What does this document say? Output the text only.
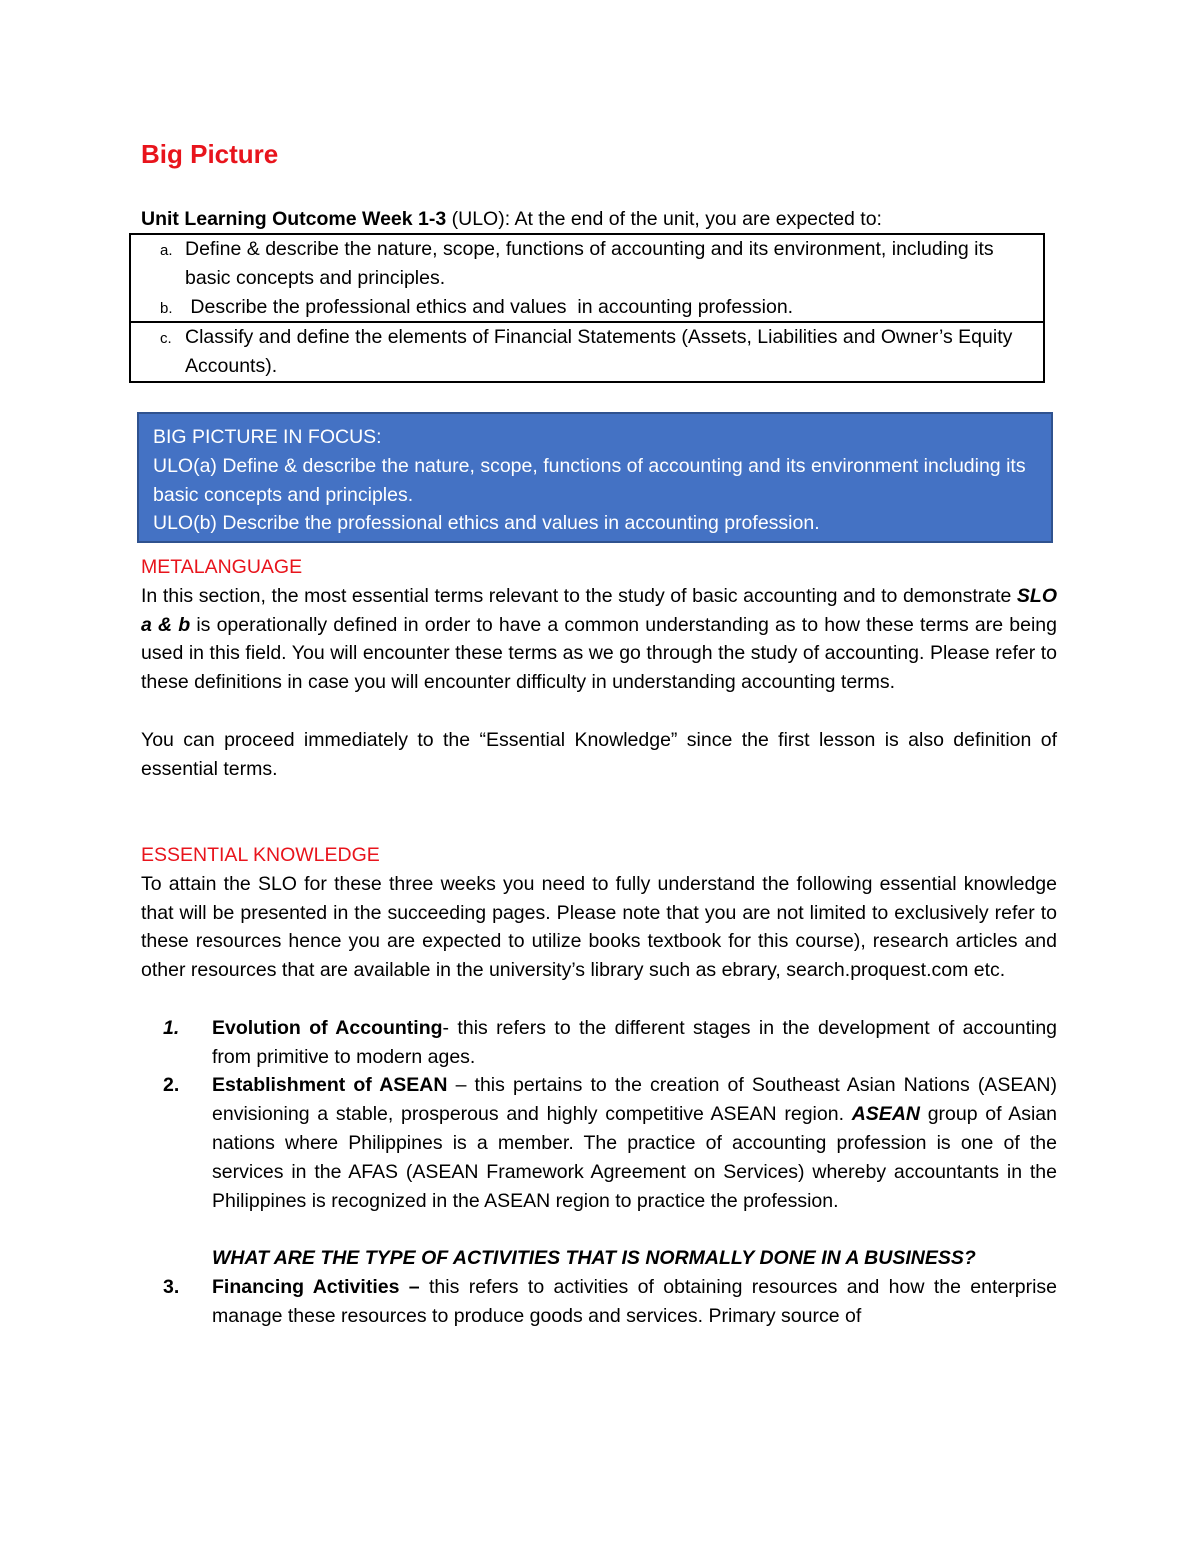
Big Picture
Unit Learning Outcome Week 1-3 (ULO): At the end of the unit, you are expected to:
a. Define & describe the nature, scope, functions of accounting and its environment, including its basic concepts and principles.
b. Describe the professional ethics and values  in accounting profession.
c. Classify and define the elements of Financial Statements (Assets, Liabilities and Owner’s Equity Accounts).
BIG PICTURE IN FOCUS:
ULO(a) Define & describe the nature, scope, functions of accounting and its environment including its basic concepts and principles.
ULO(b) Describe the professional ethics and values in accounting profession.
METALANGUAGE

In this section, the most essential terms relevant to the study of basic accounting and to demonstrate SLO a & b is operationally defined in order to have a common understanding as to how these terms are being used in this field. You will encounter these terms as we go through the study of accounting. Please refer to these definitions in case you will encounter difficulty in understanding accounting terms.

You can proceed immediately to the “Essential Knowledge” since the first lesson is also definition of essential terms.

ESSENTIAL KNOWLEDGE

To attain the SLO for these three weeks you need to fully understand the following essential knowledge that will be presented in the succeeding pages. Please note that you are not limited to exclusively refer to these resources hence you are expected to utilize books textbook for this course), research articles and other resources that are available in the university’s library such as ebrary, search.proquest.com etc.

1. Evolution of Accounting- this refers to the different stages in the development of accounting from primitive to modern ages.
2. Establishment of ASEAN – this pertains to the creation of Southeast Asian Nations (ASEAN) envisioning a stable, prosperous and highly competitive ASEAN region. ASEAN group of Asian nations where Philippines is a member. The practice of accounting profession is one of the services in the AFAS (ASEAN Framework Agreement on Services) whereby accountants in the Philippines is recognized in the ASEAN region to practice the profession.
WHAT ARE THE TYPE OF ACTIVITIES THAT IS NORMALLY DONE IN A BUSINESS?
3. Financing Activities – this refers to activities of obtaining resources and how the enterprise manage these resources to produce goods and services. Primary source of
